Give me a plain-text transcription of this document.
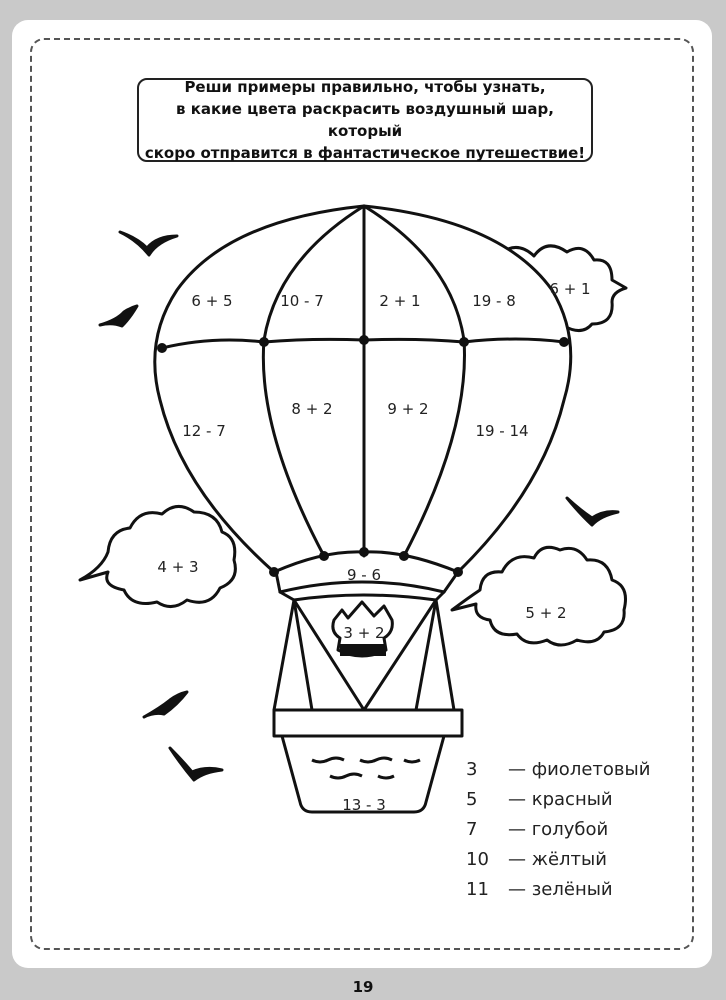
Реши примеры правильно, чтобы узнать,
в какие цвета раскрасить воздушный шар, который
скоро отправится в фантастическое путешествие!
6 + 5	10 - 7	2 + 1	19 - 8
12 - 7
8 + 2	9 + 2
19 - 14
9 - 6
3 + 2
13 - 3
6 + 1
4 + 3
5 + 2
3	— фиолетовый
5	— красный
7	— голубой
10	— жёлтый
11	— зелёный
19
